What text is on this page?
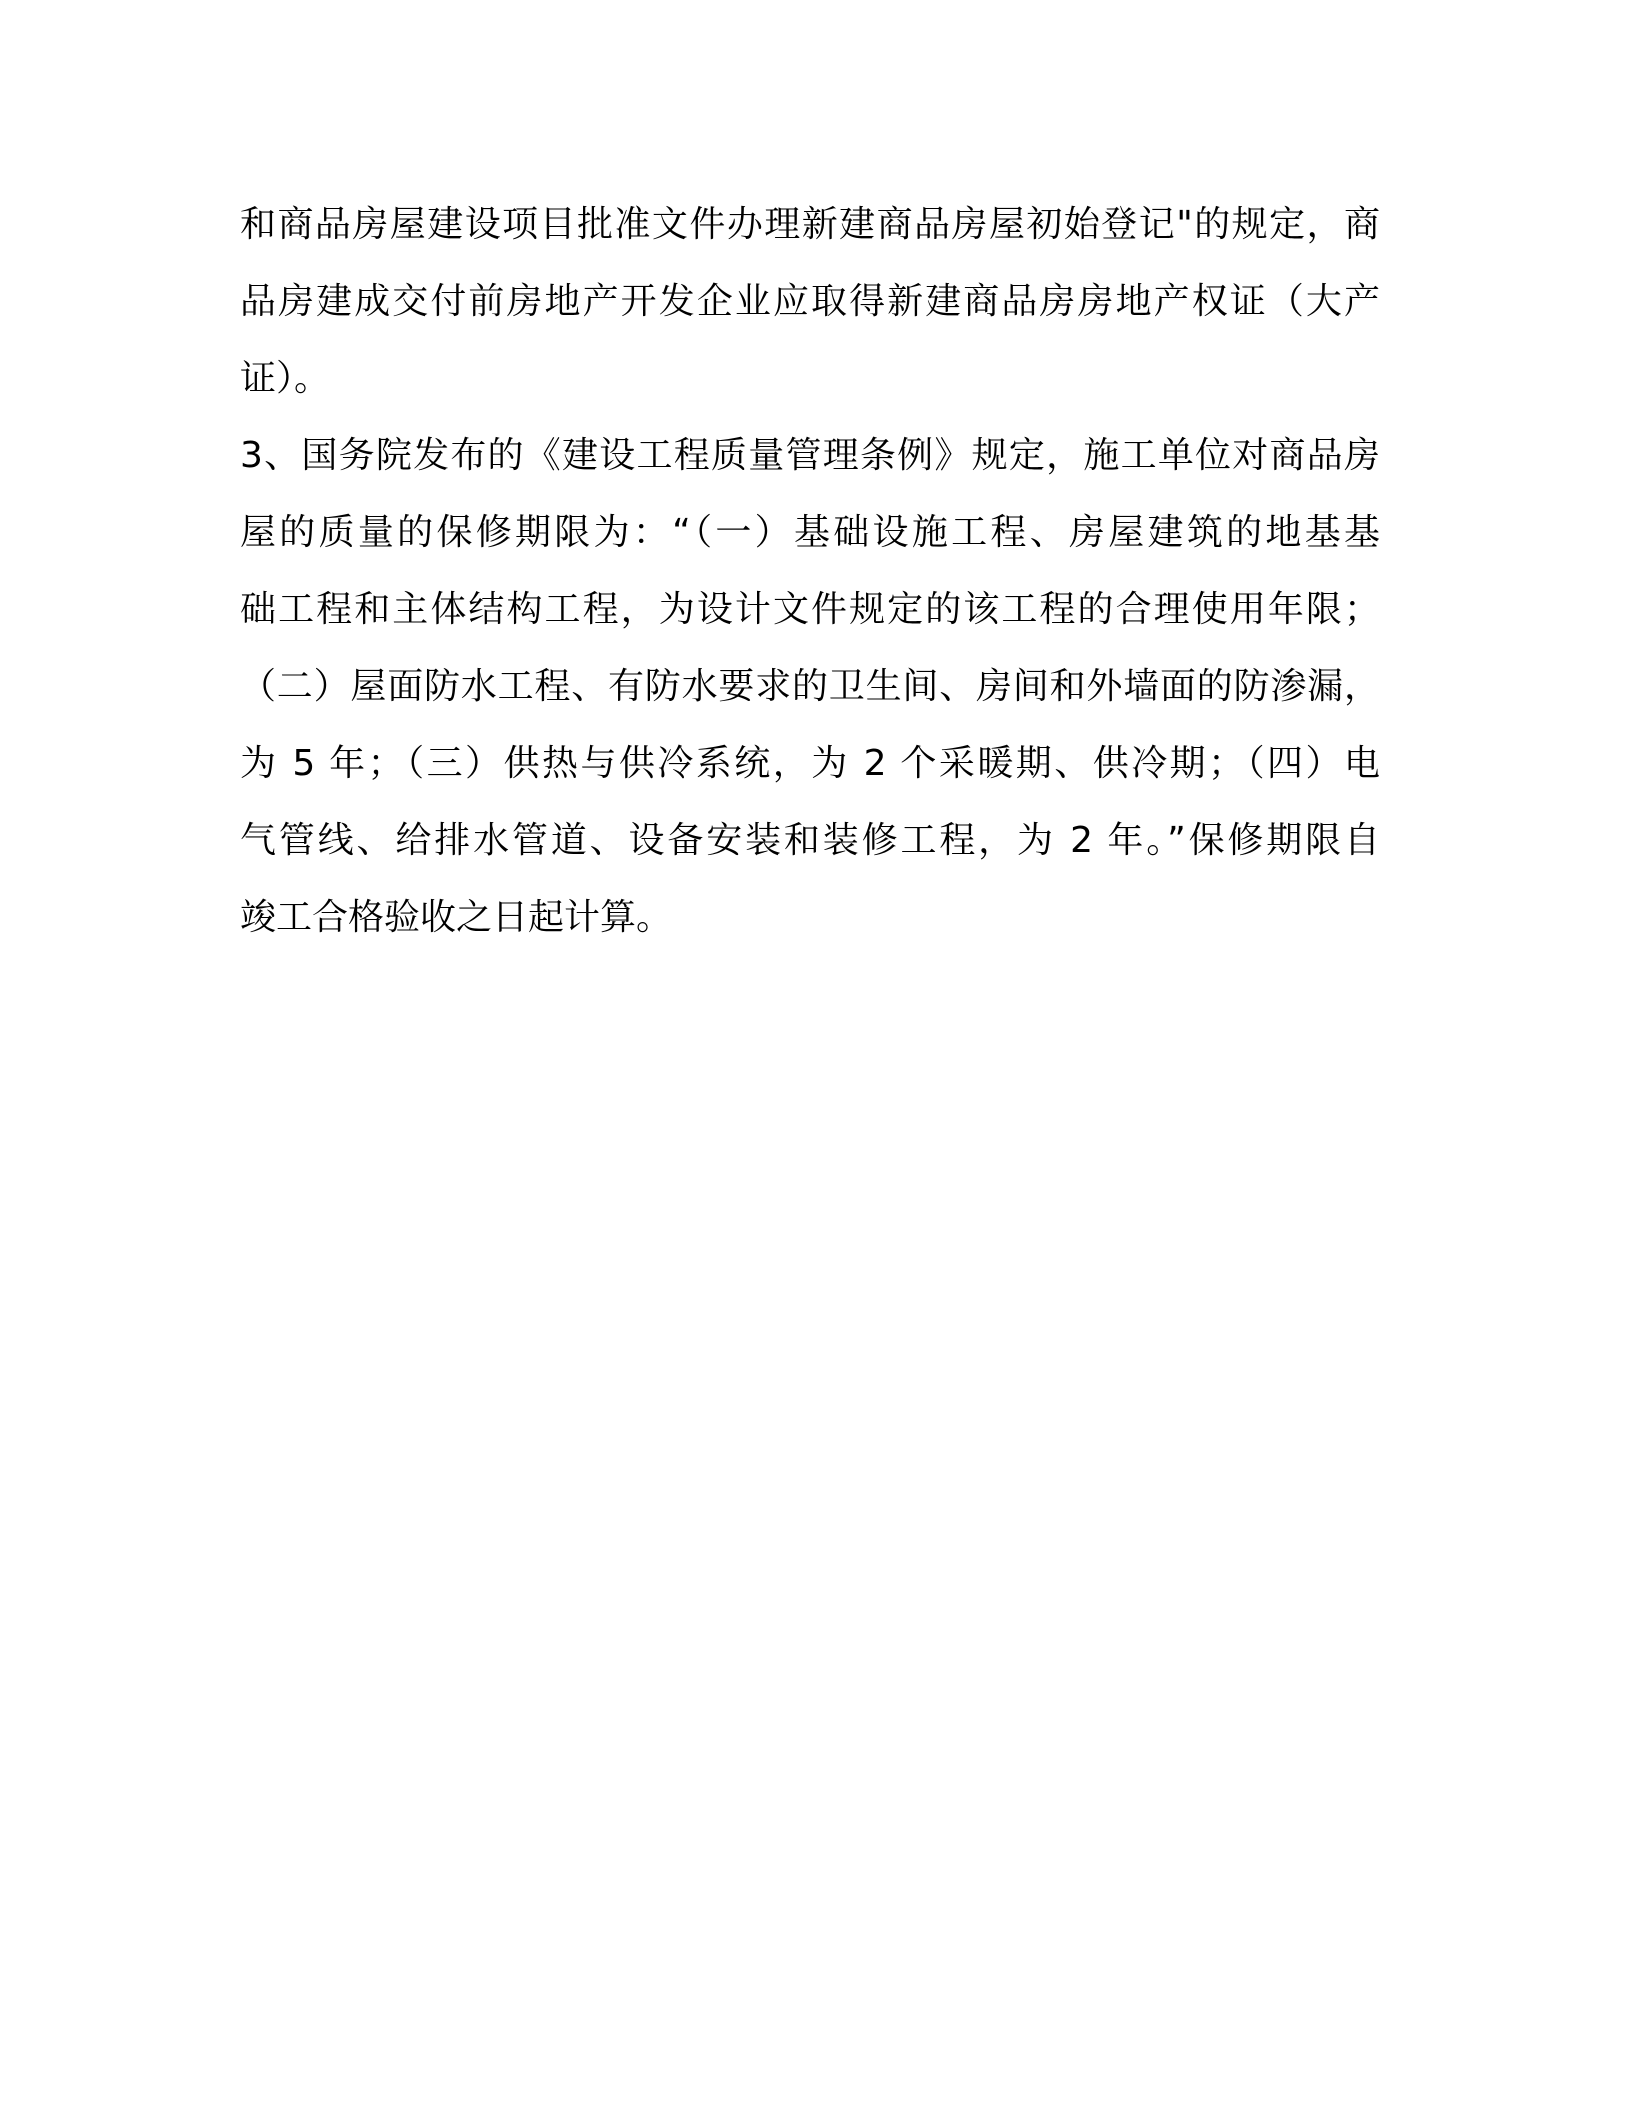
和商品房屋建设项目批准文件办理新建商品房屋初始登记"的规定，商
品房建成交付前房地产开发企业应取得新建商品房房地产权证（大产
证）。
3、国务院发布的《建设工程质量管理条例》规定，施工单位对商品房
屋的质量的保修期限为：“（一）基础设施工程、房屋建筑的地基基
础工程和主体结构工程，为设计文件规定的该工程的合理使用年限；
（二）屋面防水工程、有防水要求的卫生间、房间和外墙面的防渗漏，
为 5 年；（三）供热与供冷系统，为 2 个采暖期、供冷期；（四）电
气管线、给排水管道、设备安装和装修工程，为 2 年。”保修期限自
竣工合格验收之日起计算。
